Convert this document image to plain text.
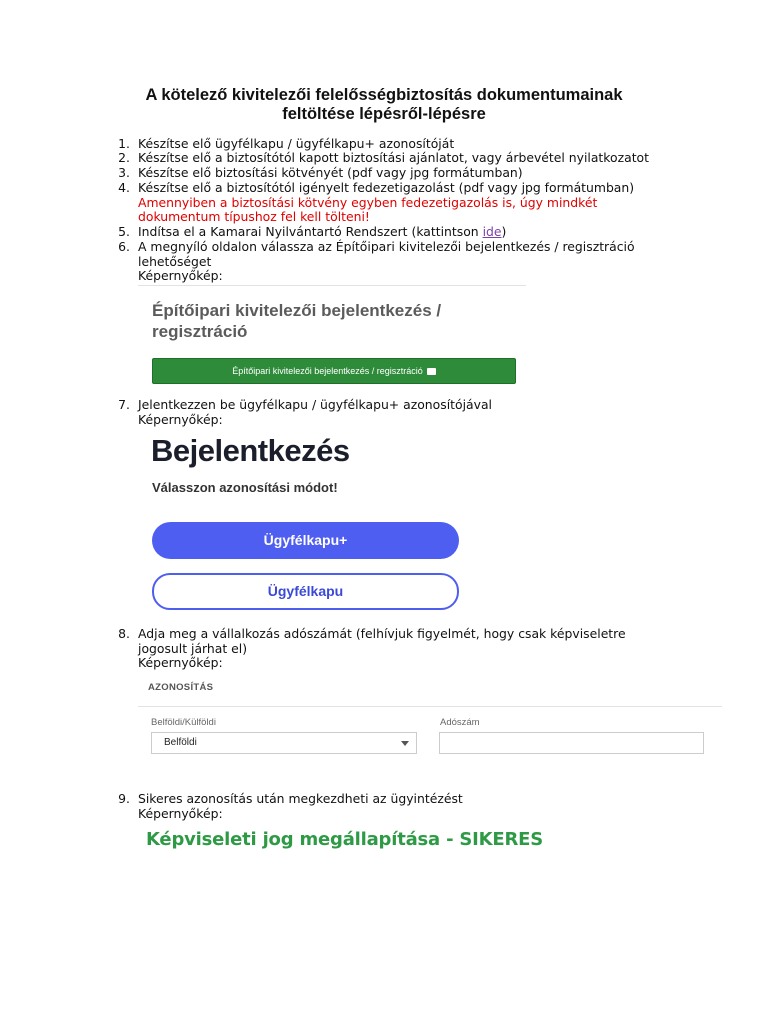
A kötelező kivitelezői felelősségbiztosítás dokumentumainak
feltöltése lépésről-lépésre
1. Készítse elő ügyfélkapu / ügyfélkapu+ azonosítóját
2. Készítse elő a biztosítótól kapott biztosítási ajánlatot, vagy árbevétel nyilatkozatot
3. Készítse elő biztosítási kötvényét (pdf vagy jpg formátumban)
4. Készítse elő a biztosítótól igényelt fedezetigazolást (pdf vagy jpg formátumban)
Amennyiben a biztosítási kötvény egyben fedezetigazolás is, úgy mindkét
dokumentum típushoz fel kell tölteni!
5. Indítsa el a Kamarai Nyilvántartó Rendszert (kattintson ide)
6. A megnyíló oldalon válassza az Építőipari kivitelezői bejelentkezés / regisztráció
lehetőséget
Képernyőkép:
Építőipari kivitelezői bejelentkezés /
regisztráció
Építőipari kivitelezői bejelentkezés / regisztráció
7. Jelentkezzen be ügyfélkapu / ügyfélkapu+ azonosítójával
Képernyőkép:
Bejelentkezés
Válasszon azonosítási módot!
Ügyfélkapu+
Ügyfélkapu
8. Adja meg a vállalkozás adószámát (felhívjuk figyelmét, hogy csak képviseletre
jogosult járhat el)
Képernyőkép:
AZONOSÍTÁS
Belföldi/Külföldi	Adószám
Belföldi
9. Sikeres azonosítás után megkezdheti az ügyintézést
Képernyőkép:
Képviseleti jog megállapítása - SIKERES
